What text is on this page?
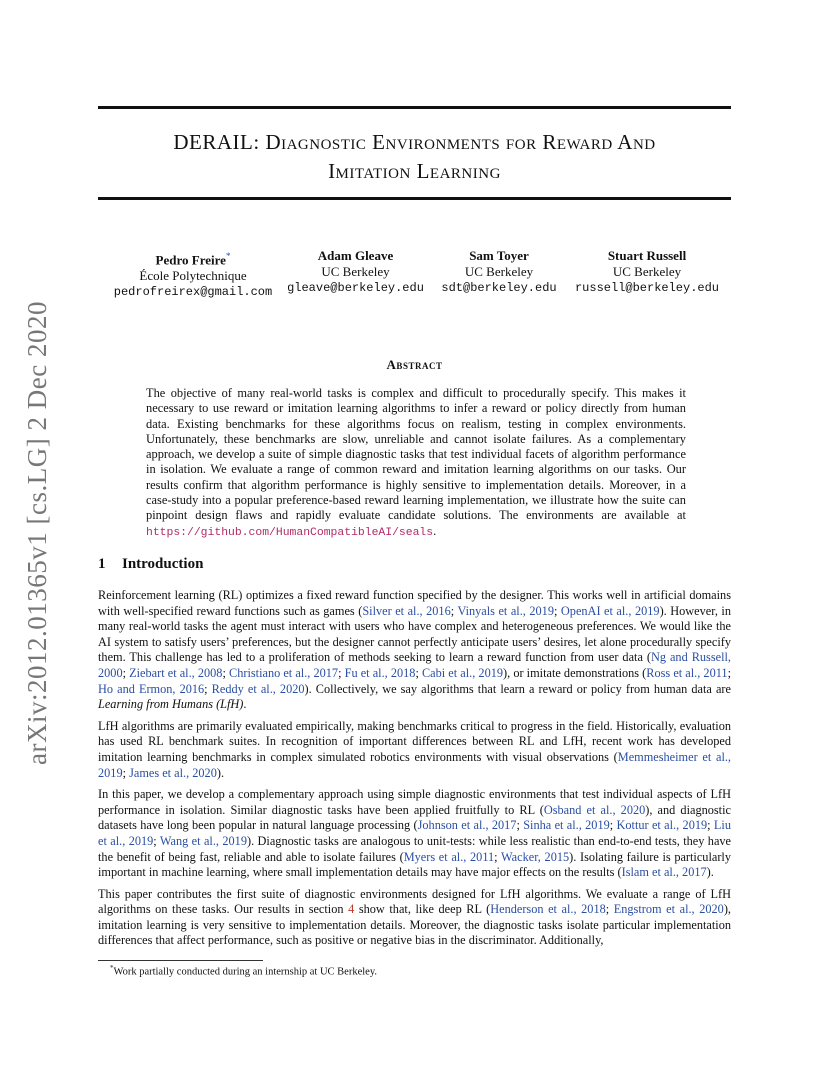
arXiv:2012.01365v1 [cs.LG] 2 Dec 2020
DERAIL: Diagnostic Environments for Reward And
Imitation Learning
Pedro Freire*
École Polytechnique
pedrofreirex@gmail.com
Adam Gleave
UC Berkeley
gleave@berkeley.edu
Sam Toyer
UC Berkeley
sdt@berkeley.edu
Stuart Russell
UC Berkeley
russell@berkeley.edu
Abstract
The objective of many real-world tasks is complex and difficult to procedurally specify. This makes it necessary to use reward or imitation learning algorithms to infer a reward or policy directly from human data. Existing benchmarks for these algorithms focus on realism, testing in complex environments. Unfortunately, these benchmarks are slow, unreliable and cannot isolate failures. As a complementary approach, we develop a suite of simple diagnostic tasks that test individual facets of algorithm performance in isolation. We evaluate a range of common reward and imitation learning algorithms on our tasks. Our results confirm that algorithm performance is highly sensitive to implementation details. Moreover, in a case-study into a popular preference-based reward learning implementation, we illustrate how the suite can pinpoint design flaws and rapidly evaluate candidate solutions. The environments are available at https://github.com/HumanCompatibleAI/seals.
1 Introduction

Reinforcement learning (RL) optimizes a fixed reward function specified by the designer. This works well in artificial domains with well-specified reward functions such as games (Silver et al., 2016; Vinyals et al., 2019; OpenAI et al., 2019). However, in many real-world tasks the agent must interact with users who have complex and heterogeneous preferences. We would like the AI system to satisfy users’ preferences, but the designer cannot perfectly anticipate users’ desires, let alone procedurally specify them. This challenge has led to a proliferation of methods seeking to learn a reward function from user data (Ng and Russell, 2000; Ziebart et al., 2008; Christiano et al., 2017; Fu et al., 2018; Cabi et al., 2019), or imitate demonstrations (Ross et al., 2011; Ho and Ermon, 2016; Reddy et al., 2020). Collectively, we say algorithms that learn a reward or policy from human data are Learning from Humans (LfH).

LfH algorithms are primarily evaluated empirically, making benchmarks critical to progress in the field. Historically, evaluation has used RL benchmark suites. In recognition of important differences between RL and LfH, recent work has developed imitation learning benchmarks in complex simulated robotics environments with visual observations (Memmesheimer et al., 2019; James et al., 2020).

In this paper, we develop a complementary approach using simple diagnostic environments that test individual aspects of LfH performance in isolation. Similar diagnostic tasks have been applied fruitfully to RL (Osband et al., 2020), and diagnostic datasets have long been popular in natural language processing (Johnson et al., 2017; Sinha et al., 2019; Kottur et al., 2019; Liu et al., 2019; Wang et al., 2019). Diagnostic tasks are analogous to unit-tests: while less realistic than end-to-end tests, they have the benefit of being fast, reliable and able to isolate failures (Myers et al., 2011; Wacker, 2015). Isolating failure is particularly important in machine learning, where small implementation details may have major effects on the results (Islam et al., 2017).

This paper contributes the first suite of diagnostic environments designed for LfH algorithms. We evaluate a range of LfH algorithms on these tasks. Our results in section 4 show that, like deep RL (Henderson et al., 2018; Engstrom et al., 2020), imitation learning is very sensitive to implementation details. Moreover, the diagnostic tasks isolate particular implementation differences that affect performance, such as positive or negative bias in the discriminator. Additionally,

*Work partially conducted during an internship at UC Berkeley.
